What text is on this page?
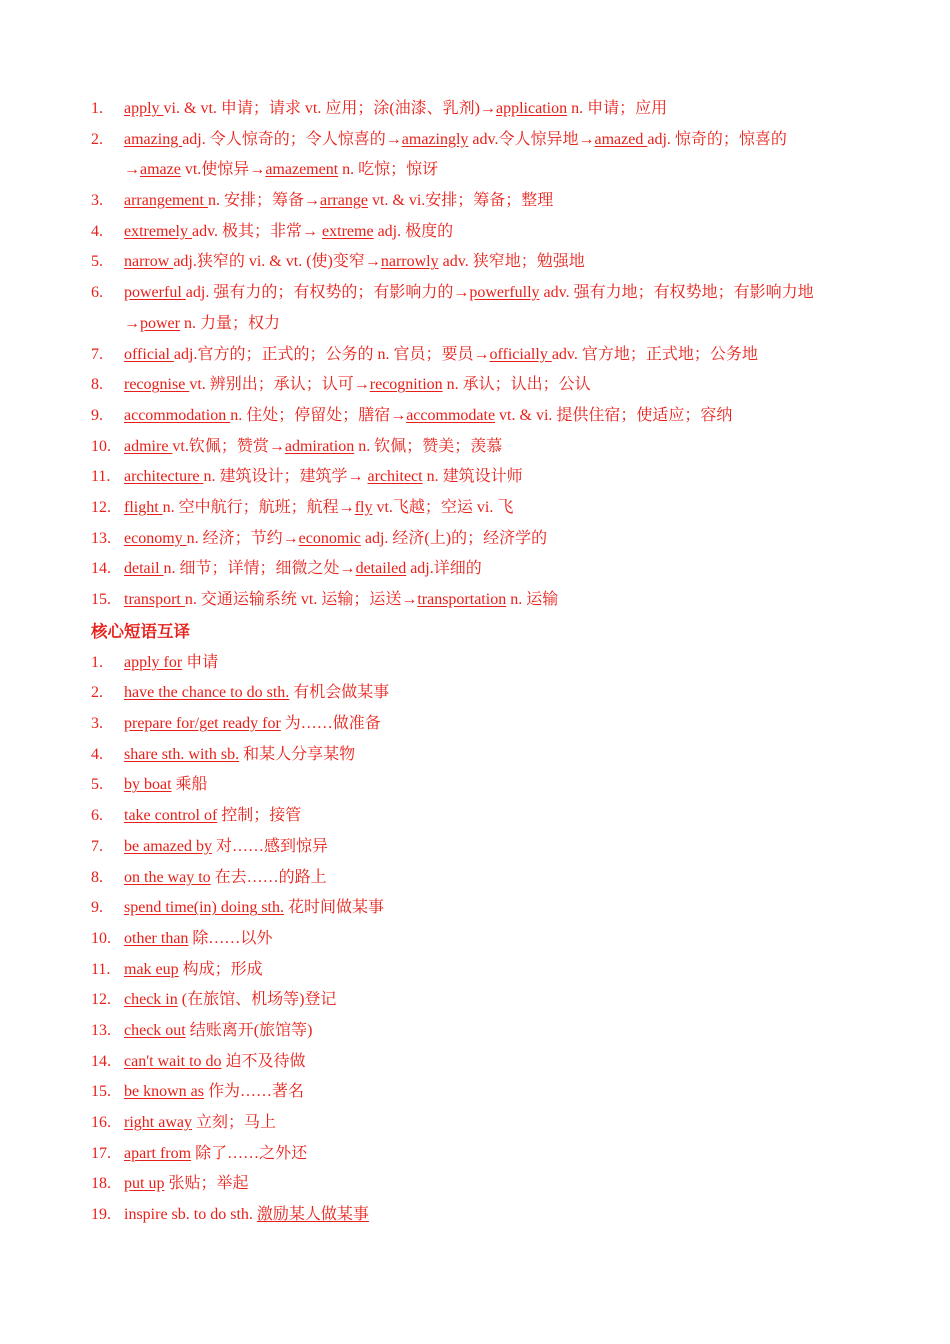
1.	apply vi. & vt. 申请；请求 vt. 应用；涂(油漆、乳剂)→application n. 申请；应用
2.	amazing adj. 令人惊奇的；令人惊喜的→amazingly adv.令人惊异地→amazed adj. 惊奇的；惊喜的
→amaze vt.使惊异→amazement n. 吃惊；惊讶
3.	arrangement n. 安排；筹备→arrange vt. & vi.安排；筹备；整理
4.	extremely adv. 极其；非常→ extreme adj. 极度的
5.	narrow adj.狭窄的 vi. & vt. (使)变窄→narrowly adv. 狭窄地；勉强地
6.	powerful adj. 强有力的；有权势的；有影响力的→powerfully adv. 强有力地；有权势地；有影响力地
→power n. 力量；权力
7.	official adj.官方的；正式的；公务的 n. 官员；要员→officially adv. 官方地；正式地；公务地
8.	recognise vt. 辨别出；承认；认可→recognition n. 承认；认出；公认
9.	accommodation n. 住处；停留处；膳宿→accommodate vt. & vi. 提供住宿；使适应；容纳
10. admire vt.钦佩；赞赏→admiration n. 钦佩；赞美；羡慕
11. architecture n. 建筑设计；建筑学→ architect n. 建筑设计师
12. flight n. 空中航行；航班；航程→fly vt.飞越；空运 vi. 飞
13. economy n. 经济；节约→economic adj. 经济(上)的；经济学的
14. detail n. 细节；详情；细微之处→detailed adj.详细的
15. transport n. 交通运输系统 vt. 运输；运送→transportation n. 运输
核心短语互译
1.	apply for 申请
2.	have the chance to do sth. 有机会做某事
3.	prepare for/get ready for 为……做准备
4.	share sth. with sb. 和某人分享某物
5.	by boat 乘船
6.	take control of 控制；接管
7.	be amazed by 对……感到惊异
8.	on the way to 在去……的路上
9.	spend time(in) doing sth. 花时间做某事
10. other than 除……以外
11. mak eup 构成；形成
12. check in (在旅馆、机场等)登记
13. check out 结账离开(旅馆等)
14. can't wait to do 迫不及待做
15. be known as 作为……著名
16. right away 立刻；马上
17. apart from 除了……之外还
18. put up 张贴；举起
19. inspire sb. to do sth. 激励某人做某事
